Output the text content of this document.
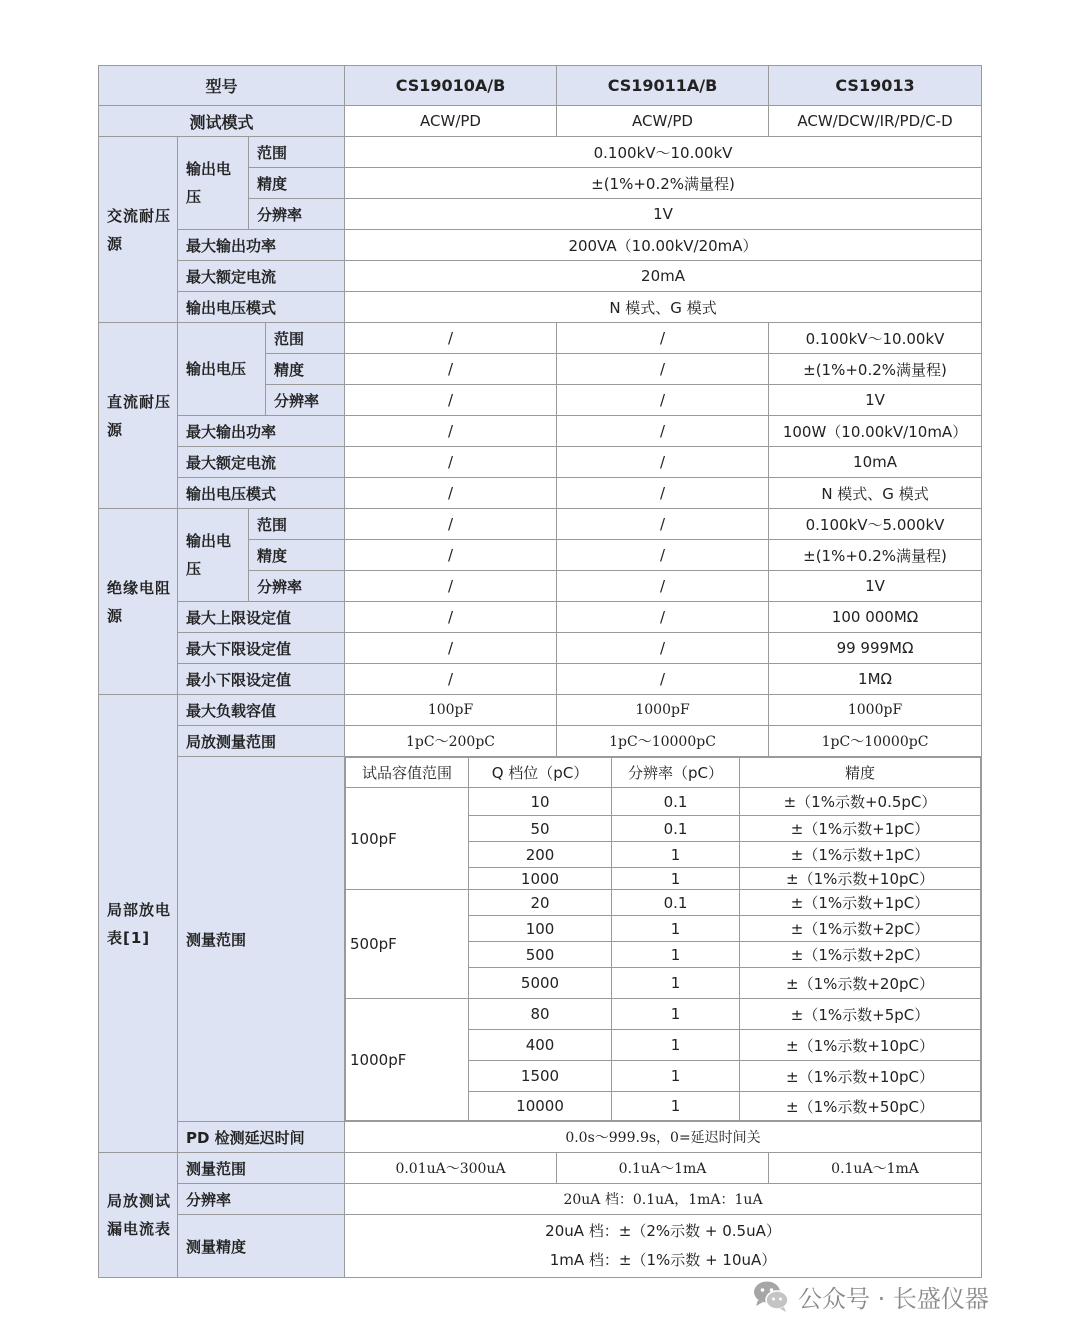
型号	CS19010A/B	CS19011A/B	CS19013
测试模式	ACW/PD	ACW/PD	ACW/DCW/IR/PD/C-D
交流耐压源	输出电压	范围	0.100kV～10.00kV
精度	±(1%+0.2%满量程)
分辨率	1V
最大输出功率	200VA（10.00kV/20mA）
最大额定电流	20mA
输出电压模式	N 模式、G 模式
直流耐压源	输出电压	范围	/	/	0.100kV～10.00kV
精度	/	/	±(1%+0.2%满量程)
分辨率	/	/	1V
最大输出功率	/	/	100W（10.00kV/10mA）
最大额定电流	/	/	10mA
输出电压模式	/	/	N 模式、G 模式
绝缘电阻源	输出电压	范围	/	/	0.100kV～5.000kV
精度	/	/	±(1%+0.2%满量程)
分辨率	/	/	1V
最大上限设定值	/	/	100 000MΩ
最大下限设定值	/	/	99 999MΩ
最小下限设定值	/	/	1MΩ
局部放电表[1]	最大负载容值	100pF	1000pF	1000pF
局放测量范围	1pC～200pC	1pC～10000pC	1pC～10000pC
测量范围	
试品容值范围	Q 档位（pC）	分辨率（pC）	精度
100pF	10	0.1	±（1%示数+0.5pC）
50	0.1	±（1%示数+1pC）
200	1	±（1%示数+1pC）
1000	1	±（1%示数+10pC）
500pF	20	0.1	±（1%示数+1pC）
100	1	±（1%示数+2pC）
500	1	±（1%示数+2pC）
5000	1	±（1%示数+20pC）
1000pF	80	1	±（1%示数+5pC）
400	1	±（1%示数+10pC）
1500	1	±（1%示数+10pC）
10000	1	±（1%示数+50pC）

PD 检测延迟时间	0.0s～999.9s，0=延迟时间关
局放测试漏电流表	测量范围	0.01uA～300uA	0.1uA～1mA	0.1uA～1mA
分辨率	20uA 档：0.1uA，1mA：1uA
测量精度	
20uA 档：±（2%示数 + 0.5uA）
1mA 档：±（1%示数 + 10uA）
公众号 · 长盛仪器
